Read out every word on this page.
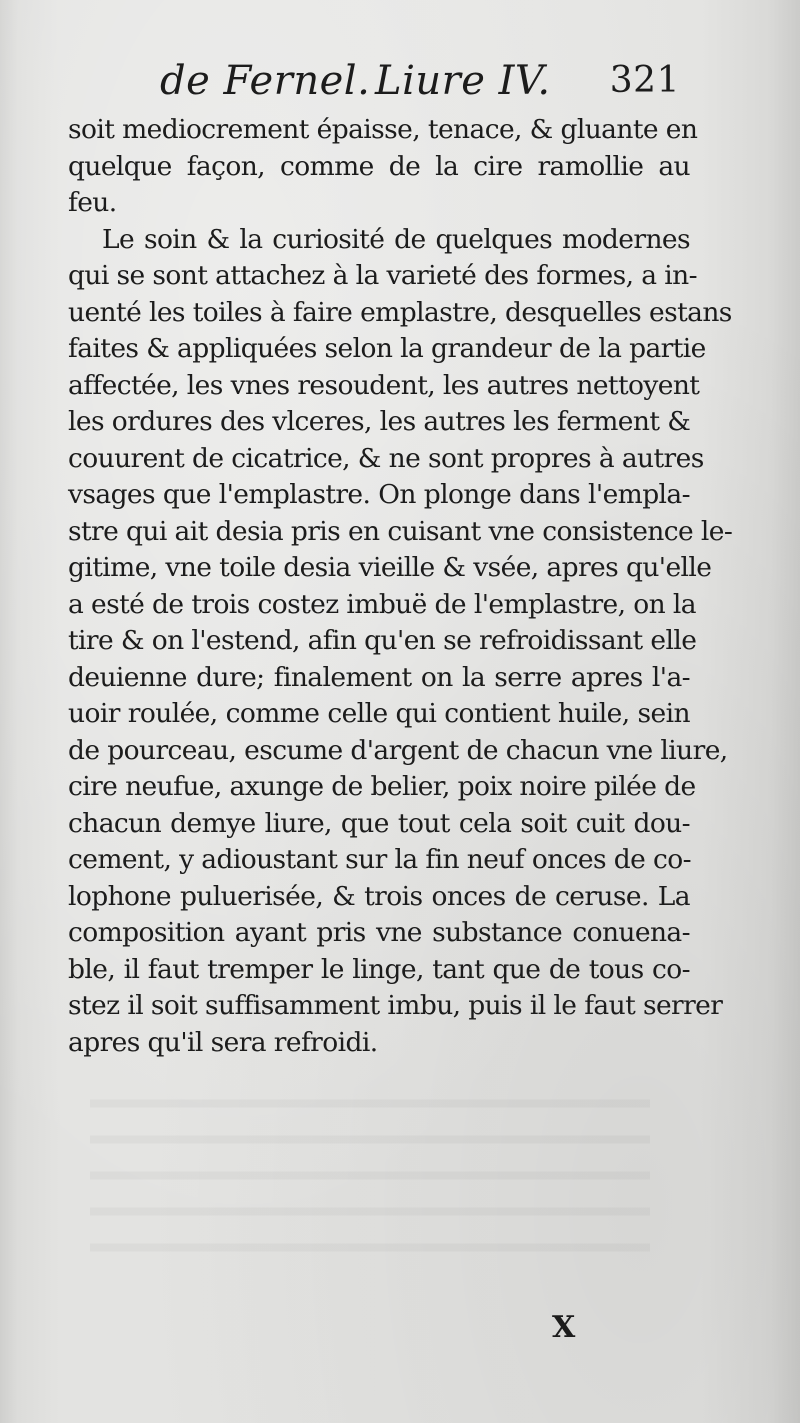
de Fernel. Liure IV. 321
soit mediocrement épaisse, tenace, & gluante en
quelque façon, comme de la cire ramollie au
feu.
Le soin & la curiosité de quelques modernes
qui se sont attachez à la varieté des formes, a in-
uenté les toiles à faire emplastre, desquelles estans
faites & appliquées selon la grandeur de la partie
affectée, les vnes resoudent, les autres nettoyent
les ordures des vlceres, les autres les ferment &
couurent de cicatrice, & ne sont propres à autres
vsages que l'emplastre. On plonge dans l'empla-
stre qui ait desia pris en cuisant vne consistence le-
gitime, vne toile desia vieille & vsée, apres qu'elle
a esté de trois costez imbuë de l'emplastre, on la
tire & on l'estend, afin qu'en se refroidissant elle
deuienne dure; finalement on la serre apres l'a-
uoir roulée, comme celle qui contient huile, sein
de pourceau, escume d'argent de chacun vne liure,
cire neufue, axunge de belier, poix noire pilée de
chacun demye liure, que tout cela soit cuit dou-
cement, y adioustant sur la fin neuf onces de co-
lophone puluerisée, & trois onces de ceruse. La
composition ayant pris vne substance conuena-
ble, il faut tremper le linge, tant que de tous co-
stez il soit suffisamment imbu, puis il le faut serrer
apres qu'il sera refroidi.
X
